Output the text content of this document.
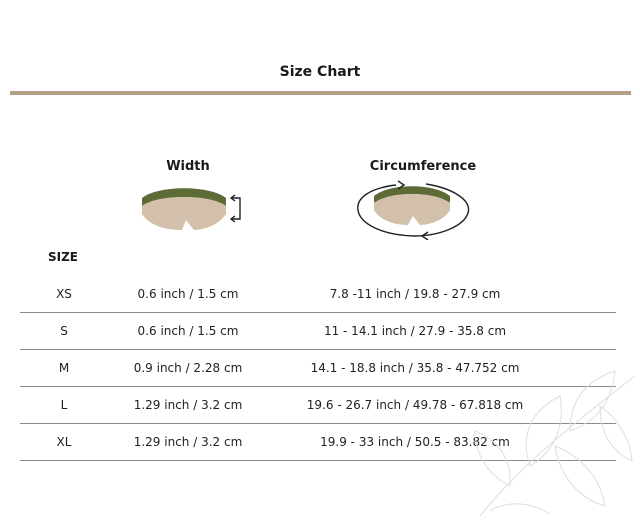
Size Chart
Width	Circumference
SIZE
XS	0.6 inch / 1.5 cm	7.8 -11 inch / 19.8 - 27.9 cm
S	0.6 inch / 1.5 cm	11 - 14.1 inch / 27.9 - 35.8 cm
M	0.9 inch / 2.28 cm	14.1 - 18.8 inch / 35.8 - 47.752 cm
L	1.29 inch / 3.2 cm	19.6 - 26.7 inch / 49.78 - 67.818 cm
XL	1.29 inch / 3.2 cm	19.9 - 33 inch / 50.5 - 83.82 cm
